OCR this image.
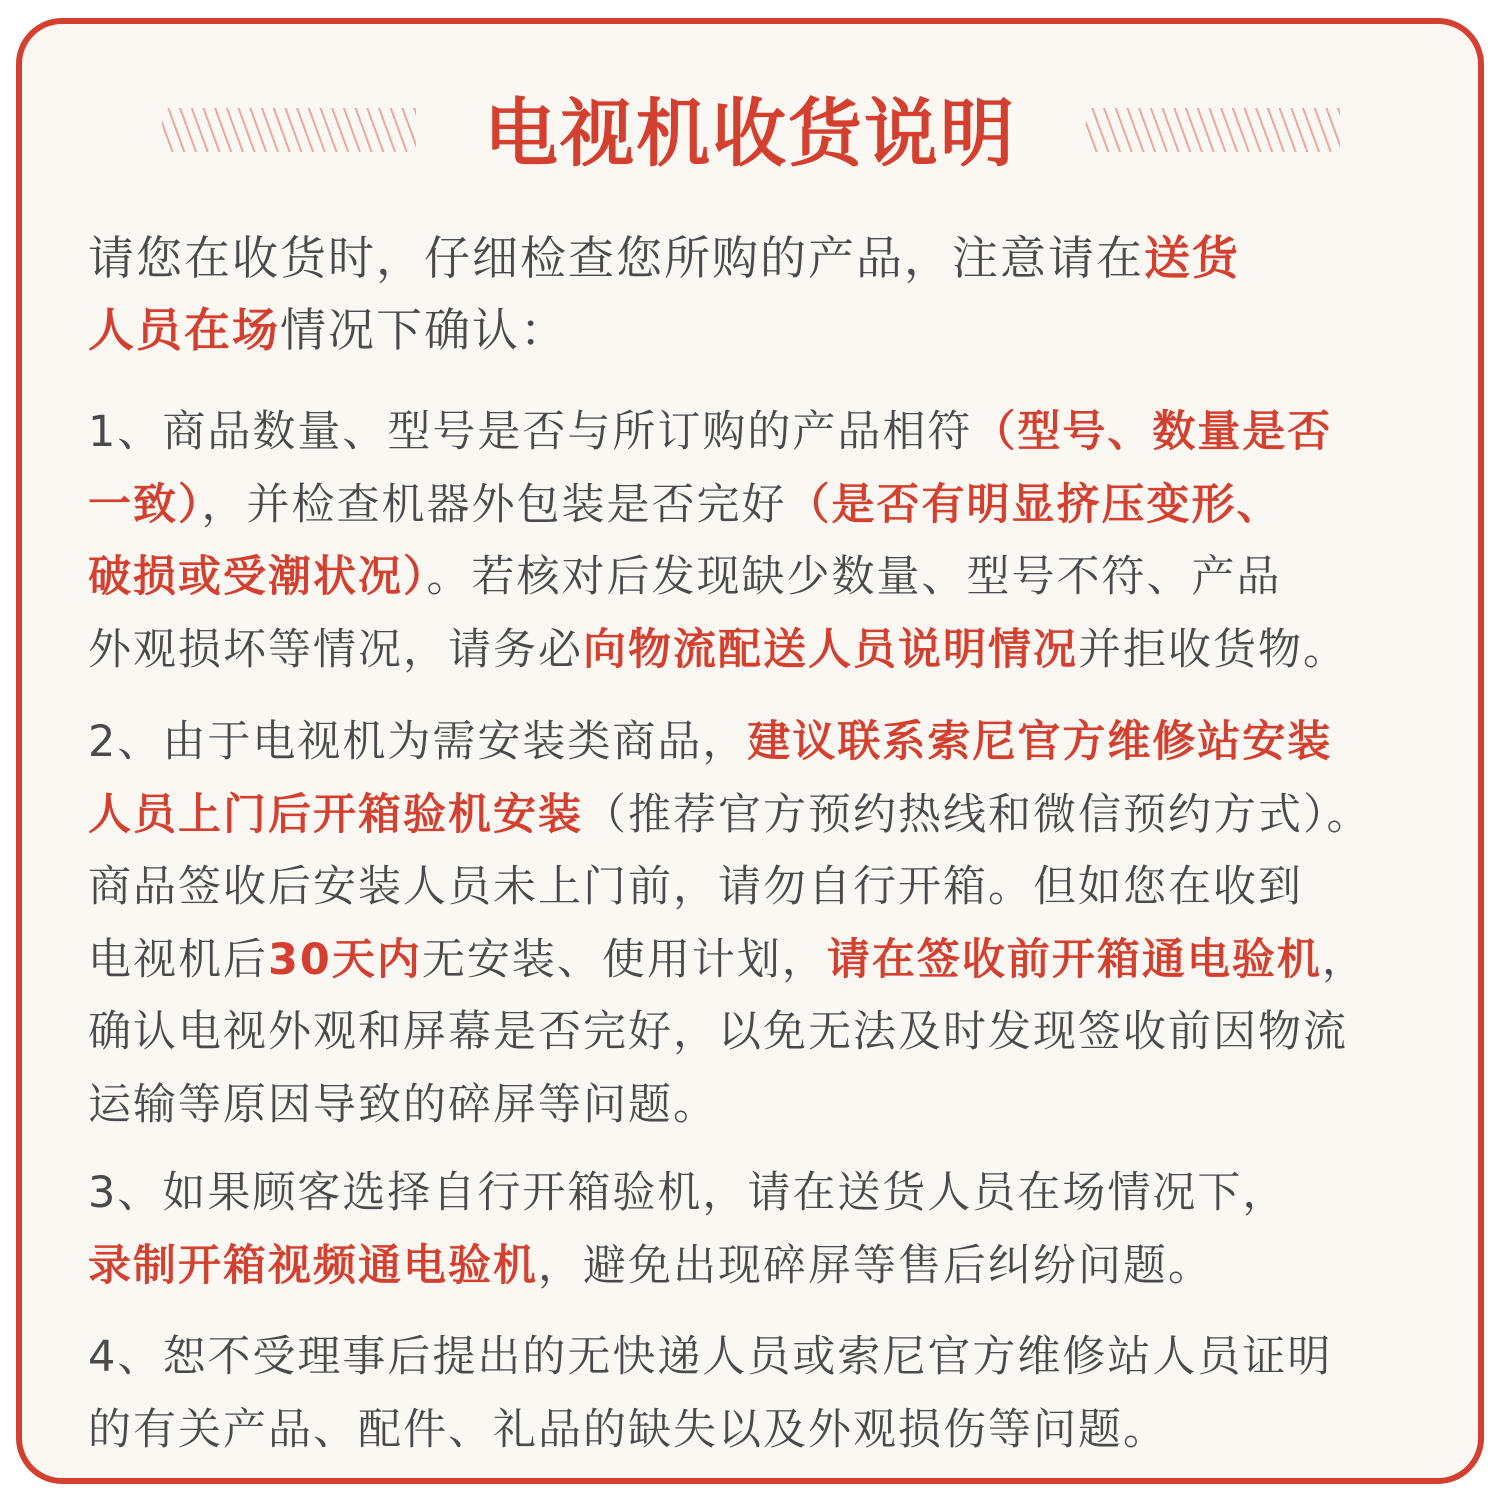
电视机收货说明
请您在收货时，仔细检查您所购的产品，注意请在送货
人员在场情况下确认：
1、商品数量、型号是否与所订购的产品相符（型号、数量是否
一致），并检查机器外包装是否完好（是否有明显挤压变形、
破损或受潮状况）。若核对后发现缺少数量、型号不符、产品
外观损坏等情况，请务必向物流配送人员说明情况并拒收货物。
2、由于电视机为需安装类商品，建议联系索尼官方维修站安装
人员上门后开箱验机安装（推荐官方预约热线和微信预约方式）。
商品签收后安装人员未上门前，请勿自行开箱。但如您在收到
电视机后30天内无安装、使用计划，请在签收前开箱通电验机，
确认电视外观和屏幕是否完好，以免无法及时发现签收前因物流
运输等原因导致的碎屏等问题。
3、如果顾客选择自行开箱验机，请在送货人员在场情况下，
录制开箱视频通电验机，避免出现碎屏等售后纠纷问题。
4、恕不受理事后提出的无快递人员或索尼官方维修站人员证明
的有关产品、配件、礼品的缺失以及外观损伤等问题。
